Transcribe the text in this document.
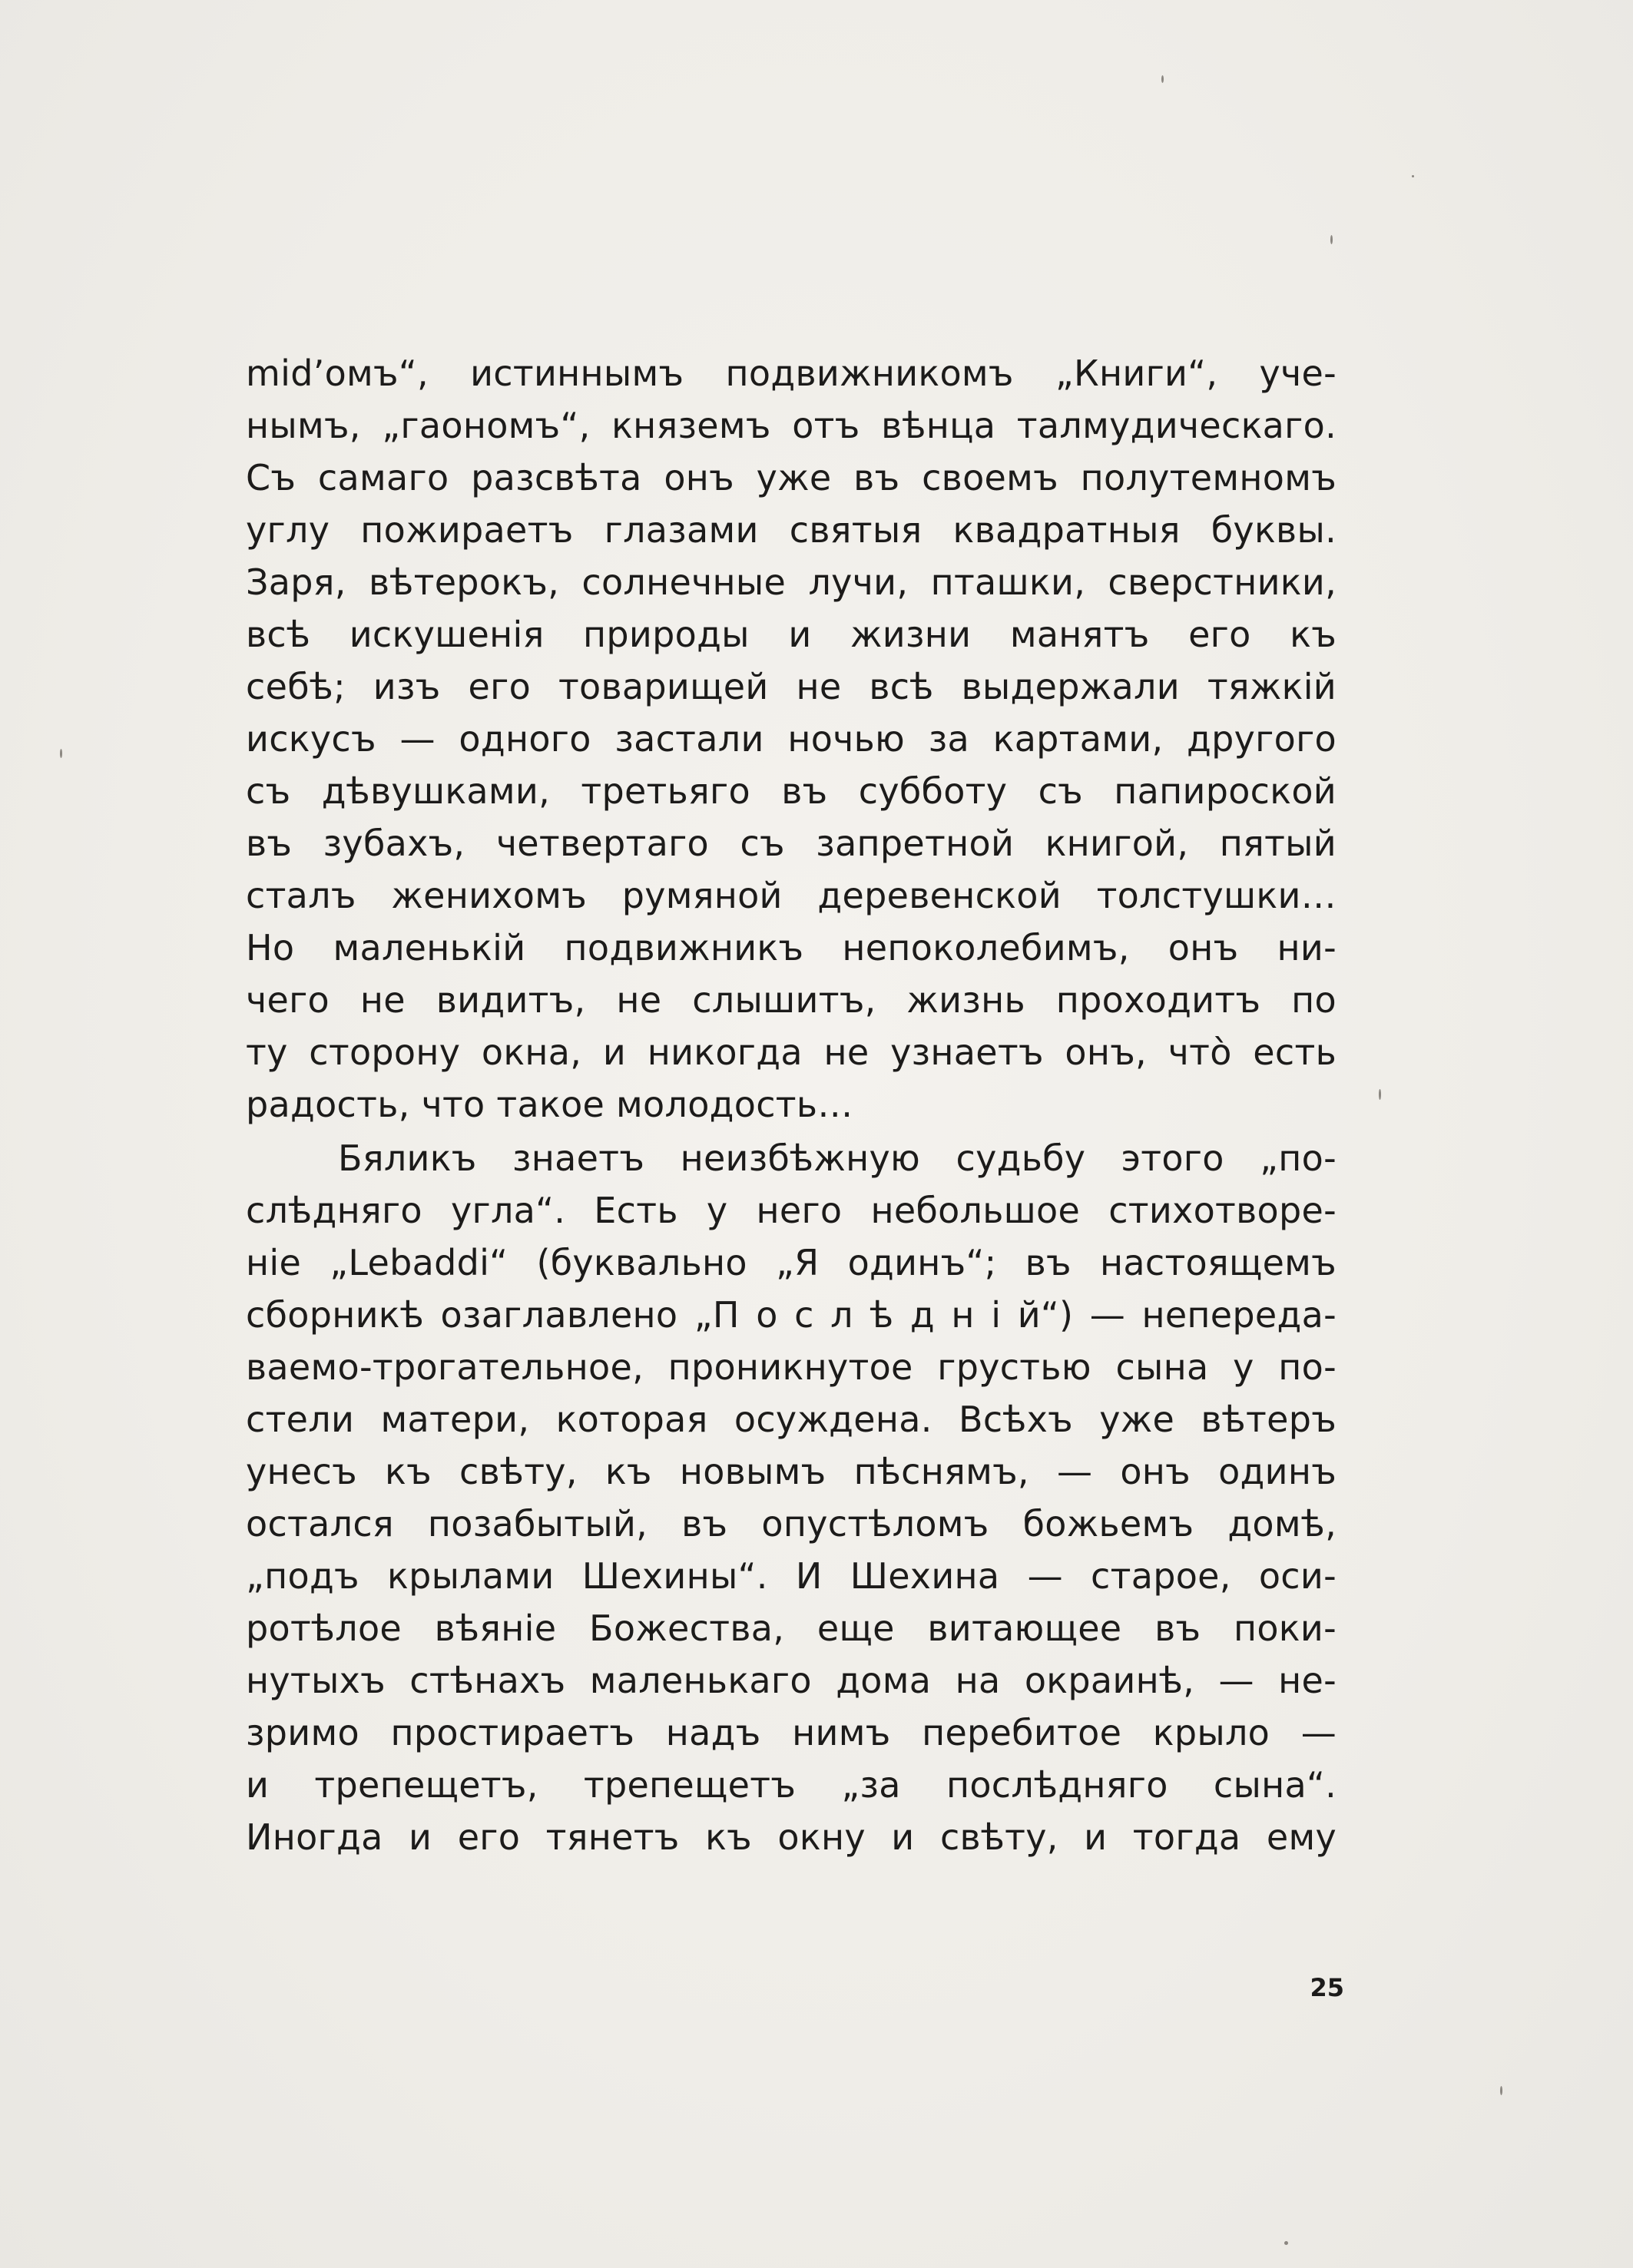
mid’омъ“, истиннымъ подвижникомъ „Книги“, уче-
нымъ, „гаономъ“, княземъ отъ вѣнца талмудическаго.
Съ самаго разсвѣта онъ уже въ своемъ полутемномъ
углу пожираетъ глазами святыя квадратныя буквы.
Заря, вѣтерокъ, солнечные лучи, пташки, сверстники,
всѣ искушенія природы и жизни манятъ его къ
себѣ; изъ его товарищей не всѣ выдержали тяжкій
искусъ — одного застали ночью за картами, другого
съ дѣвушками, третьяго въ субботу съ папироской
въ зубахъ, четвертаго съ запретной книгой, пятый
сталъ женихомъ румяной деревенской толстушки…
Но маленькій подвижникъ непоколебимъ, онъ ни-
чего не видитъ, не слышитъ, жизнь проходитъ по
ту сторону окна, и никогда не узнаетъ онъ, что̀ есть
радость, что такое молодость…
Бяликъ знаетъ неизбѣжную судьбу этого „по-
слѣдняго угла“. Есть у него небольшое стихотворе-
ніе „Lebaddi“ (буквально „Я одинъ“; въ настоящемъ
сборникѣ озаглавлено „П о с л ѣ д н і й“) — непереда-
ваемо-трогательное, проникнутое грустью сына у по-
стели матери, которая осуждена. Всѣхъ уже вѣтеръ
унесъ къ свѣту, къ новымъ пѣснямъ, — онъ одинъ
остался позабытый, въ опустѣломъ божьемъ домѣ,
„подъ крылами Шехины“. И Шехина — старое, оси-
ротѣлое вѣяніе Божества, еще витающее въ поки-
нутыхъ стѣнахъ маленькаго дома на окраинѣ, — не-
зримо простираетъ надъ нимъ перебитое крыло —
и трепещетъ, трепещетъ „за послѣдняго сына“.
Иногда и его тянетъ къ окну и свѣту, и тогда ему
25
